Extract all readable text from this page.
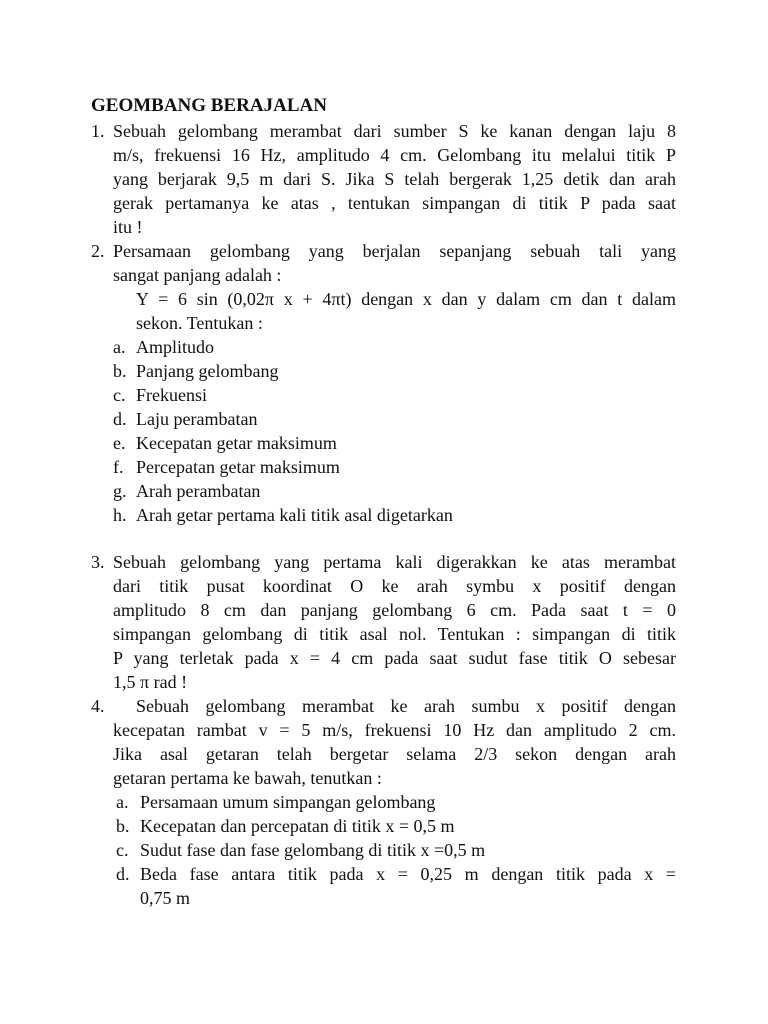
GEOMBANG BERAJALAN
1. Sebuah gelombang merambat dari sumber S ke kanan dengan laju 8
m/s, frekuensi 16 Hz, amplitudo 4 cm. Gelombang itu melalui titik P
yang berjarak 9,5 m dari S. Jika S telah bergerak 1,25 detik dan arah
gerak pertamanya ke atas , tentukan simpangan di titik P pada saat
itu !
2. Persamaan gelombang yang berjalan sepanjang sebuah tali yang
sangat panjang adalah :
Y = 6 sin (0,02π x + 4πt) dengan x dan y dalam cm dan t dalam
sekon. Tentukan :
a. Amplitudo
b. Panjang gelombang
c. Frekuensi
d. Laju perambatan
e. Kecepatan getar maksimum
f. Percepatan getar maksimum
g. Arah perambatan
h. Arah getar pertama kali titik asal digetarkan
3. Sebuah gelombang yang pertama kali digerakkan ke atas merambat
dari titik pusat koordinat O ke arah symbu x positif dengan
amplitudo 8 cm dan panjang gelombang 6 cm. Pada saat t = 0
simpangan gelombang di titik asal nol. Tentukan : simpangan di titik
P yang terletak pada x = 4 cm pada saat sudut fase titik O sebesar
1,5 π rad !
4. Sebuah gelombang merambat ke arah sumbu x positif dengan
kecepatan rambat v = 5 m/s, frekuensi 10 Hz dan amplitudo 2 cm.
Jika asal getaran telah bergetar selama 2/3 sekon dengan arah
getaran pertama ke bawah, tenutkan :
a. Persamaan umum simpangan gelombang
b. Kecepatan dan percepatan di titik x = 0,5 m
c. Sudut fase dan fase gelombang di titik x =0,5 m
d. Beda fase antara titik pada x = 0,25 m dengan titik pada x =
0,75 m
